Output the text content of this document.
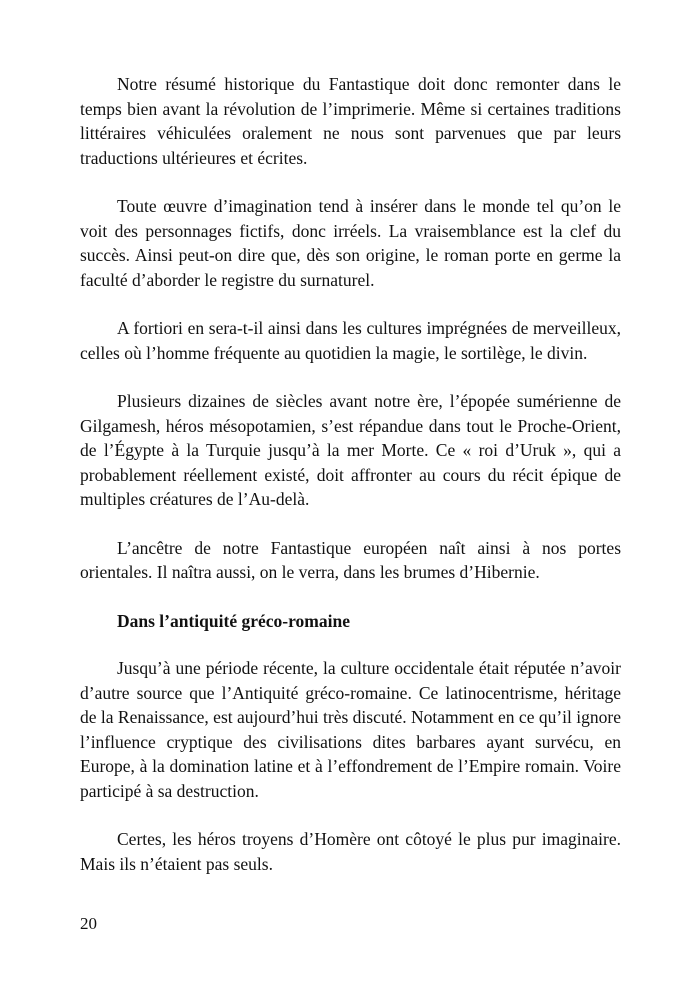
Notre résumé historique du Fantastique doit donc remonter dans le temps bien avant la révolution de l’imprimerie. Même si certaines traditions littéraires véhiculées oralement ne nous sont parvenues que par leurs traductions ultérieures et écrites.

Toute œuvre d’imagination tend à insérer dans le monde tel qu’on le voit des personnages fictifs, donc irréels. La vraisemblance est la clef du succès. Ainsi peut-on dire que, dès son origine, le roman porte en germe la faculté d’aborder le registre du surnaturel.

A fortiori en sera-t-il ainsi dans les cultures imprégnées de merveilleux, celles où l’homme fréquente au quotidien la magie, le sortilège, le divin.

Plusieurs dizaines de siècles avant notre ère, l’épopée sumérienne de Gilgamesh, héros mésopotamien, s’est répandue dans tout le Proche-Orient, de l’Égypte à la Turquie jusqu’à la mer Morte. Ce « roi d’Uruk », qui a probablement réellement existé, doit affronter au cours du récit épique de multiples créatures de l’Au-delà.

L’ancêtre de notre Fantastique européen naît ainsi à nos portes orientales. Il naîtra aussi, on le verra, dans les brumes d’Hibernie.

Dans l’antiquité gréco-romaine

Jusqu’à une période récente, la culture occidentale était réputée n’avoir d’autre source que l’Antiquité gréco-romaine. Ce latinocentrisme, héritage de la Renaissance, est aujourd’hui très discuté. Notamment en ce qu’il ignore l’influence cryptique des civilisations dites barbares ayant survécu, en Europe, à la domination latine et à l’effondrement de l’Empire romain. Voire participé à sa destruction.

Certes, les héros troyens d’Homère ont côtoyé le plus pur imaginaire. Mais ils n’étaient pas seuls.

20
